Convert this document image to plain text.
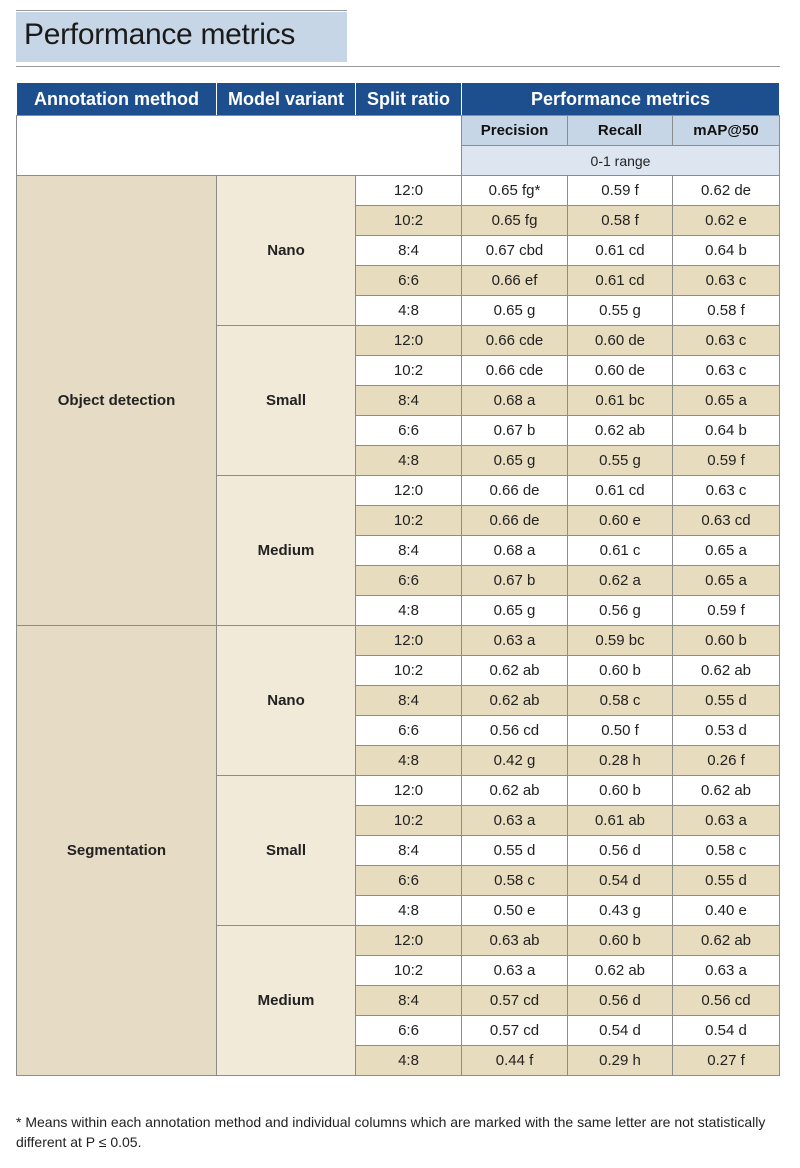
Performance metrics
Annotation method	Model variant	Split ratio	Performance metrics		
			Precision	Recall	mAP@50
			0-1 range		
Object detection	Nano	12:0	0.65 fg*	0.59 f	0.62 de
		10:2	0.65 fg	0.58 f	0.62 e
		8:4	0.67 cbd	0.61 cd	0.64 b
		6:6	0.66 ef	0.61 cd	0.63 c
		4:8	0.65 g	0.55 g	0.58 f
	Small	12:0	0.66 cde	0.60 de	0.63 c
		10:2	0.66 cde	0.60 de	0.63 c
		8:4	0.68 a	0.61 bc	0.65 a
		6:6	0.67 b	0.62 ab	0.64 b
		4:8	0.65 g	0.55 g	0.59 f
	Medium	12:0	0.66 de	0.61 cd	0.63 c
		10:2	0.66 de	0.60 e	0.63 cd
		8:4	0.68 a	0.61 c	0.65 a
		6:6	0.67 b	0.62 a	0.65 a
		4:8	0.65 g	0.56 g	0.59 f
Segmentation	Nano	12:0	0.63 a	0.59 bc	0.60 b
		10:2	0.62 ab	0.60 b	0.62 ab
		8:4	0.62 ab	0.58 c	0.55 d
		6:6	0.56 cd	0.50 f	0.53 d
		4:8	0.42 g	0.28 h	0.26 f
	Small	12:0	0.62 ab	0.60 b	0.62 ab
		10:2	0.63 a	0.61 ab	0.63 a
		8:4	0.55 d	0.56 d	0.58 c
		6:6	0.58 c	0.54 d	0.55 d
		4:8	0.50 e	0.43 g	0.40 e
	Medium	12:0	0.63 ab	0.60 b	0.62 ab
		10:2	0.63 a	0.62 ab	0.63 a
		8:4	0.57 cd	0.56 d	0.56 cd
		6:6	0.57 cd	0.54 d	0.54 d
		4:8	0.44 f	0.29 h	0.27 f
* Means within each annotation method and individual columns which are marked with the same letter are not statistically different at P ≤ 0.05.
